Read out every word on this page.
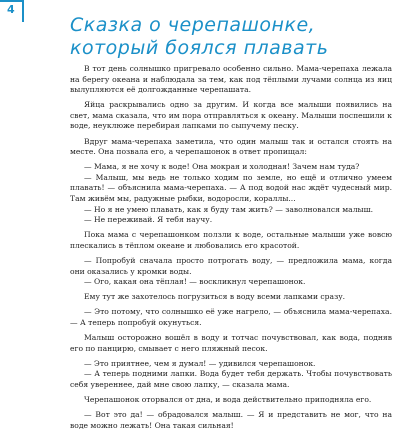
4
Сказка о черепашонке,
который боялся плавать

В тот день солнышко пригревало особенно сильно. Мама-черепаха лежала на берегу океана и наблюдала за тем, как под тёплыми лучами солнца из яиц вылупляются её долгожданные черепашата.

Яйца раскрывались одно за другим. И когда все малыши появились на свет, мама сказала, что им пора отправляться к океану. Малыши поспешили к воде, неуклюже перебирая лапками по сыпучему песку.

Вдруг мама-черепаха заметила, что один малыш так и остался стоять на месте. Она позвала его, а черепашонок в ответ пропищал:

— Мама, я не хочу к воде! Она мокрая и холодная! Зачем нам туда?

— Малыш, мы ведь не только ходим по земле, но ещё и отлично умеем плавать! — объяснила мама-черепаха. — А под водой нас ждёт чудесный мир. Там живём мы, радужные рыбки, водоросли, кораллы...

— Но я не умею плавать, как я буду там жить? — заволновался малыш.

— Не переживай. Я тебя научу.

Пока мама с черепашонком ползли к воде, остальные малыши уже вовсю плескались в тёплом океане и любовались его красотой.

— Попробуй сначала просто потрогать воду, — предложила мама, когда они оказались у кромки воды.

— Ого, какая она тёплая! — воскликнул черепашонок.

Ему тут же захотелось погрузиться в воду всеми лапками сразу.

— Это потому, что солнышко её уже нагрело, — объяснила мама-черепаха. — А теперь попробуй окунуться.

Малыш осторожно вошёл в воду и тотчас почувствовал, как вода, подняв его по панцирю, смывает с него пляжный песок.

— Это приятнее, чем я думал! — удивился черепашонок.

— А теперь подними лапки. Вода будет тебя держать. Чтобы почувствовать себя увереннее, дай мне свою лапку, — сказала мама.

Черепашонок оторвался от дна, и вода действительно приподняла его.

— Вот это да! — обрадовался малыш. — Я и представить не мог, что на воде можно лежать! Она такая сильная!
